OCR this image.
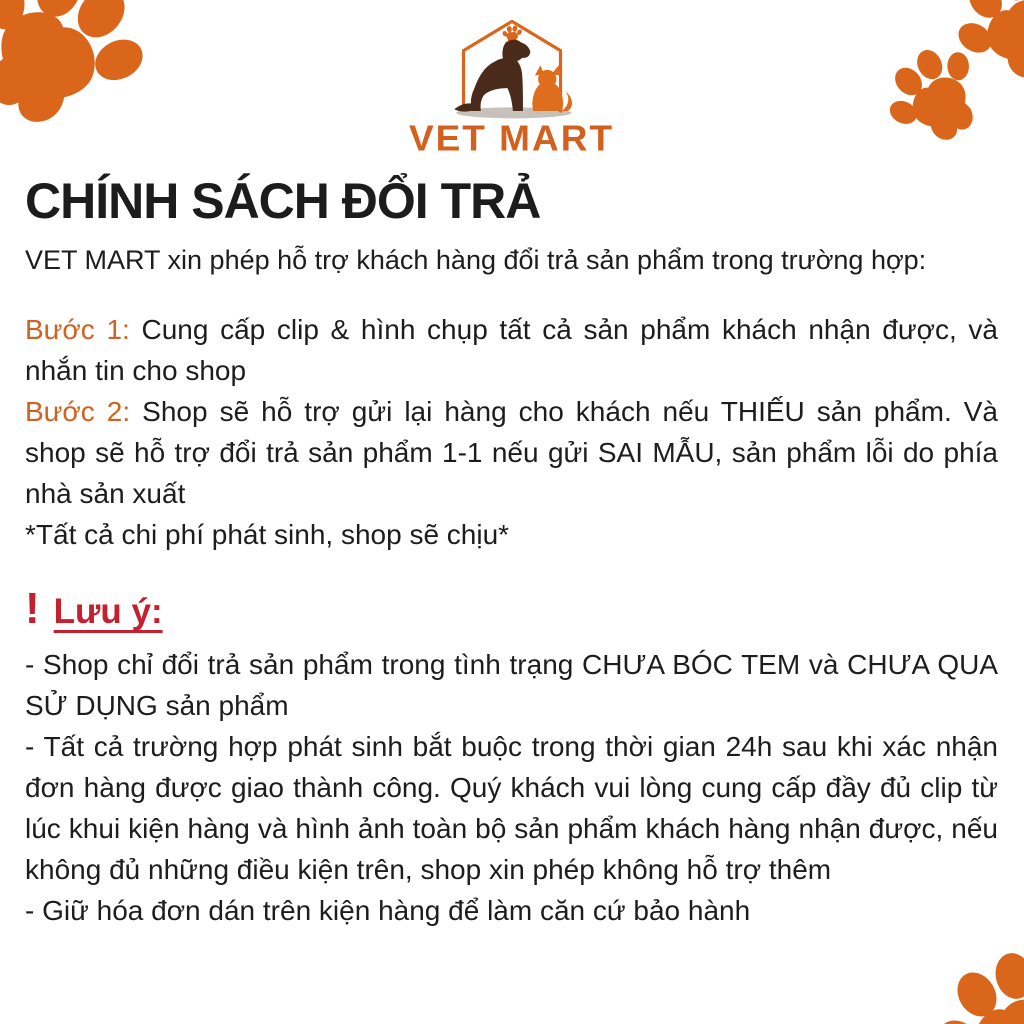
VET MART
CHÍNH SÁCH ĐỔI TRẢ

VET MART xin phép hỗ trợ khách hàng đổi trả sản phẩm trong trường hợp:

Bước 1: Cung cấp clip & hình chụp tất cả sản phẩm khách nhận được, và nhắn tin cho shop

Bước 2: Shop sẽ hỗ trợ gửi lại hàng cho khách nếu THIẾU sản phẩm. Và shop sẽ hỗ trợ đổi trả sản phẩm 1-1 nếu gửi SAI MẪU, sản phẩm lỗi do phía nhà sản xuất

*Tất cả chi phí phát sinh, shop sẽ chịu*

! Lưu ý:

- Shop chỉ đổi trả sản phẩm trong tình trạng CHƯA BÓC TEM và CHƯA QUA SỬ DỤNG sản phẩm

- Tất cả trường hợp phát sinh bắt buộc trong thời gian 24h sau khi xác nhận đơn hàng được giao thành công. Quý khách vui lòng cung cấp đầy đủ clip từ lúc khui kiện hàng và hình ảnh toàn bộ sản phẩm khách hàng nhận được, nếu không đủ những điều kiện trên, shop xin phép không hỗ trợ thêm

- Giữ hóa đơn dán trên kiện hàng để làm căn cứ bảo hành
